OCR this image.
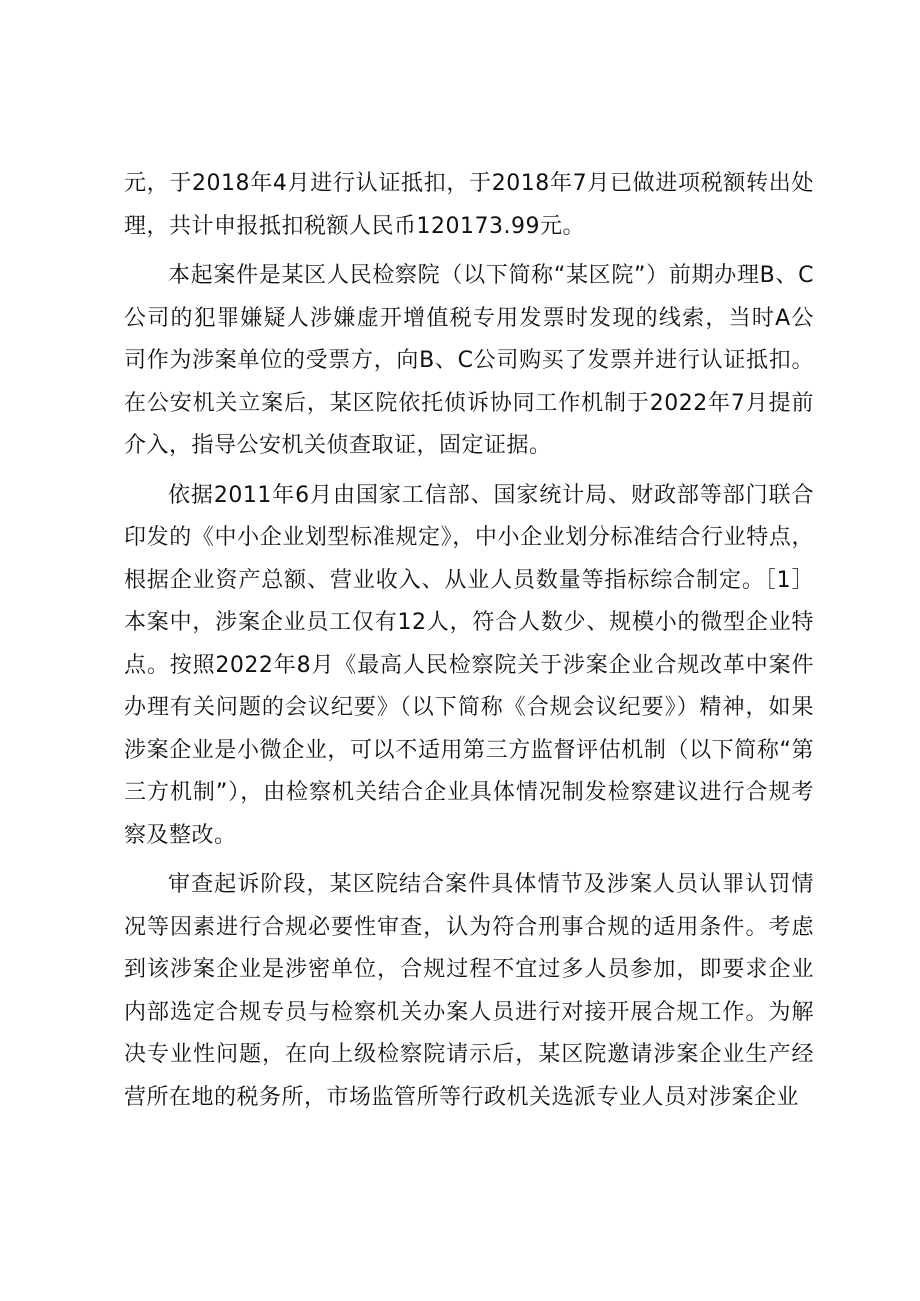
元，于2018年4月进行认证抵扣，于2018年7月已做进项税额转出处理，共计申报抵扣税额人民币120173.99元。

本起案件是某区人民检察院（以下简称“某区院”）前期办理B、C公司的犯罪嫌疑人涉嫌虚开增值税专用发票时发现的线索，当时A公司作为涉案单位的受票方，向B、C公司购买了发票并进行认证抵扣。在公安机关立案后，某区院依托侦诉协同工作机制于2022年7月提前介入，指导公安机关侦查取证，固定证据。

依据2011年6月由国家工信部、国家统计局、财政部等部门联合印发的《中小企业划型标准规定》，中小企业划分标准结合行业特点，根据企业资产总额、营业收入、从业人员数量等指标综合制定。［1］本案中，涉案企业员工仅有12人，符合人数少、规模小的微型企业特点。按照2022年8月《最高人民检察院关于涉案企业合规改革中案件办理有关问题的会议纪要》（以下简称《合规会议纪要》）精神，如果涉案企业是小微企业，可以不适用第三方监督评估机制（以下简称“第三方机制”），由检察机关结合企业具体情况制发检察建议进行合规考察及整改。

审查起诉阶段，某区院结合案件具体情节及涉案人员认罪认罚情况等因素进行合规必要性审查，认为符合刑事合规的适用条件。考虑到该涉案企业是涉密单位，合规过程不宜过多人员参加，即要求企业内部选定合规专员与检察机关办案人员进行对接开展合规工作。为解决专业性问题，在向上级检察院请示后，某区院邀请涉案企业生产经营所在地的税务所，市场监管所等行政机关选派专业人员对涉案企业
